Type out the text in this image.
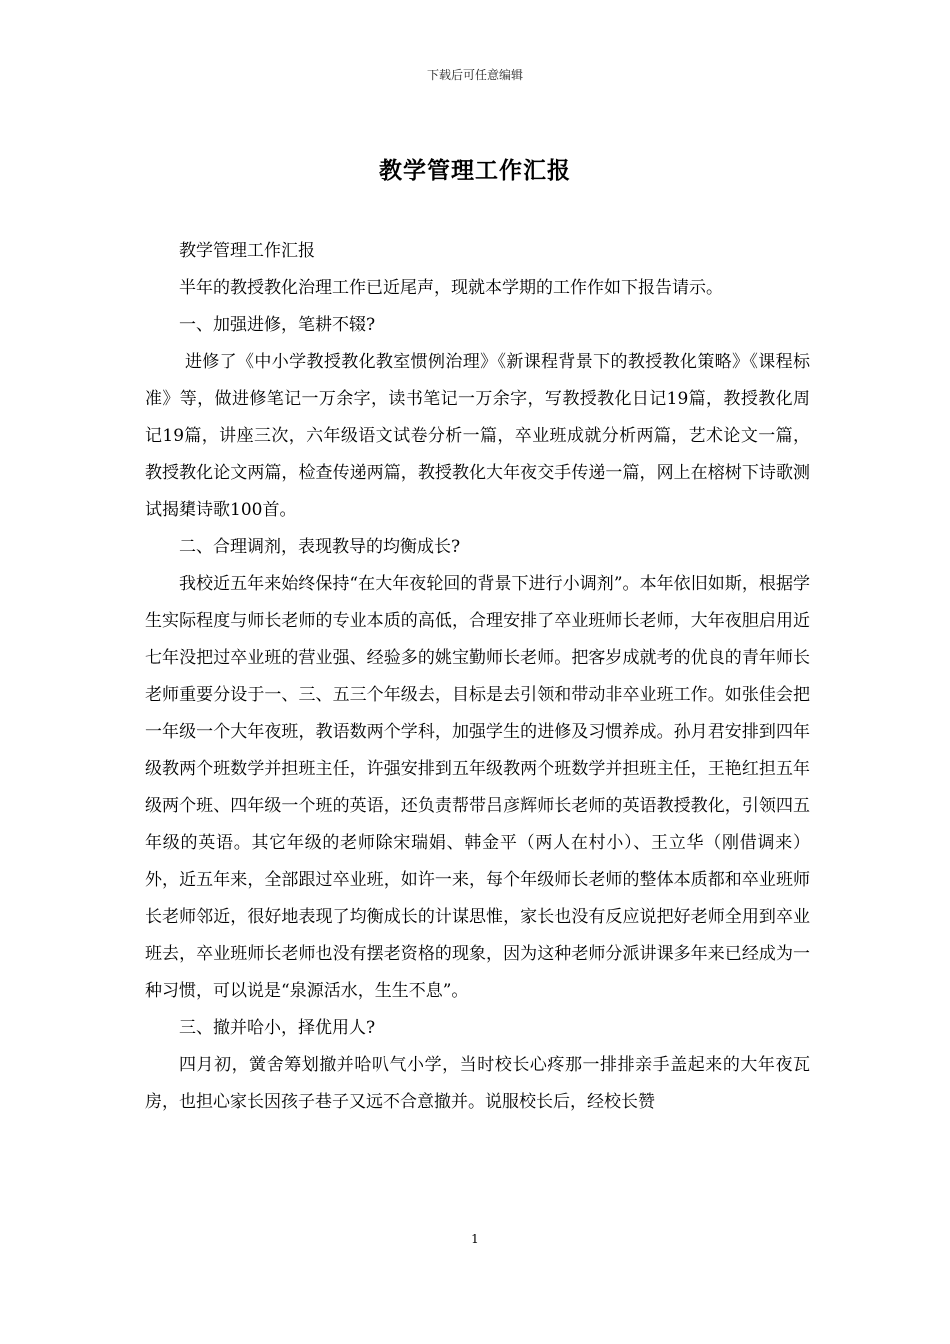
下载后可任意编辑
教学管理工作汇报

教学管理工作汇报

半年的教授教化治理工作已近尾声，现就本学期的工作作如下报告请示。

一、加强进修，笔耕不辍?

进修了《中小学教授教化教室惯例治理》《新课程背景下的教授教化策略》《课程标准》等，做进修笔记一万余字，读书笔记一万余字，写教授教化日记19篇，教授教化周记19篇，讲座三次，六年级语文试卷分析一篇，卒业班成就分析两篇，艺术论文一篇，教授教化论文两篇，检查传递两篇，教授教化大年夜交手传递一篇，网上在榕树下诗歌测试揭橥诗歌100首。

二、合理调剂，表现教导的均衡成长?

我校近五年来始终保持“在大年夜轮回的背景下进行小调剂”。本年依旧如斯，根据学生实际程度与师长老师的专业本质的高低，合理安排了卒业班师长老师，大年夜胆启用近七年没把过卒业班的营业强、经验多的姚宝勤师长老师。把客岁成就考的优良的青年师长老师重要分设于一、三、五三个年级去，目标是去引领和带动非卒业班工作。如张佳会把一年级一个大年夜班，教语数两个学科，加强学生的进修及习惯养成。孙月君安排到四年级教两个班数学并担班主任，许强安排到五年级教两个班数学并担班主任，王艳红担五年级两个班、四年级一个班的英语，还负责帮带吕彦辉师长老师的英语教授教化，引领四五年级的英语。其它年级的老师除宋瑞娟、韩金平（两人在村小）、王立华（刚借调来）外，近五年来，全部跟过卒业班，如许一来，每个年级师长老师的整体本质都和卒业班师长老师邻近，很好地表现了均衡成长的计谋思惟，家长也没有反应说把好老师全用到卒业班去，卒业班师长老师也没有摆老资格的现象，因为这种老师分派讲课多年来已经成为一种习惯，可以说是“泉源活水，生生不息”。

三、撤并哈小，择优用人?

四月初，黉舍筹划撤并哈叭气小学，当时校长心疼那一排排亲手盖起来的大年夜瓦房，也担心家长因孩子巷子又远不合意撤并。说服校长后，经校长赞

1
